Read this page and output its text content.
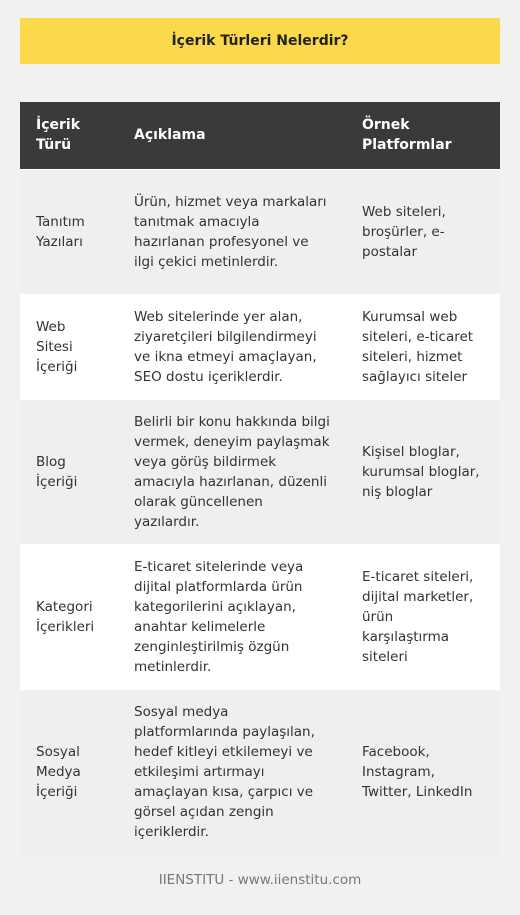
İçerik Türleri Nelerdir?
İçerik Türü	Açıklama	Örnek Platformlar
Tanıtım Yazıları	Ürün, hizmet veya markaları tanıtmak amacıyla hazırlanan profesyonel ve ilgi çekici metinlerdir.	Web siteleri, broşürler, e-postalar
Web Sitesi İçeriği	Web sitelerinde yer alan, ziyaretçileri bilgilendirmeyi ve ikna etmeyi amaçlayan, SEO dostu içeriklerdir.	Kurumsal web siteleri, e-ticaret siteleri, hizmet sağlayıcı siteler
Blog İçeriği	Belirli bir konu hakkında bilgi vermek, deneyim paylaşmak veya görüş bildirmek amacıyla hazırlanan, düzenli olarak güncellenen yazılardır.	Kişisel bloglar, kurumsal bloglar, niş bloglar
Kategori İçerikleri	E-ticaret sitelerinde veya dijital platformlarda ürün kategorilerini açıklayan, anahtar kelimelerle zenginleştirilmiş özgün metinlerdir.	E-ticaret siteleri, dijital marketler, ürün karşılaştırma siteleri
Sosyal Medya İçeriği	Sosyal medya platformlarında paylaşılan, hedef kitleyi etkilemeyi ve etkileşimi artırmayı amaçlayan kısa, çarpıcı ve görsel açıdan zengin içeriklerdir.	Facebook, Instagram, Twitter, LinkedIn
IIENSTITU - www.iienstitu.com
